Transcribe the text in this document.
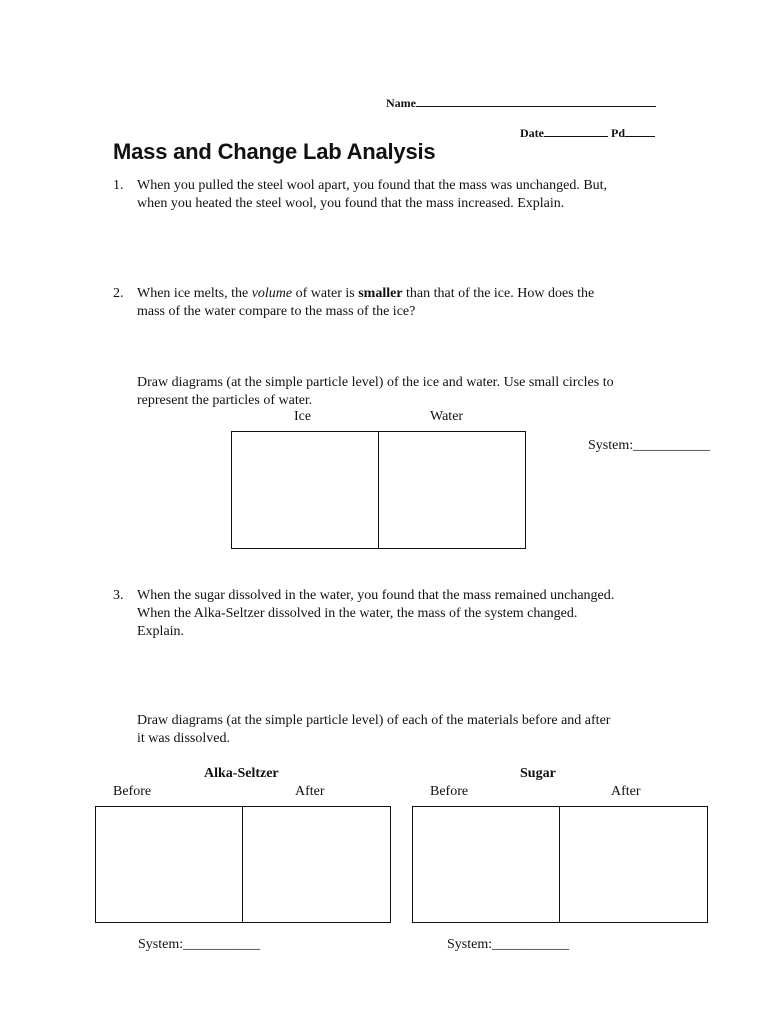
Name
Date	Pd
Mass and Change Lab Analysis
1. When you pulled the steel wool apart, you found that the mass was unchanged. But,
when you heated the steel wool, you found that the mass increased. Explain.
2. When ice melts, the volume of water is smaller than that of the ice. How does the
mass of the water compare to the mass of the ice?
Draw diagrams (at the simple particle level) of the ice and water. Use small circles to
represent the particles of water.
Ice	Water
System:___________
3. When the sugar dissolved in the water, you found that the mass remained unchanged.
When the Alka-Seltzer dissolved in the water, the mass of the system changed.
Explain.
Draw diagrams (at the simple particle level) of each of the materials before and after
it was dissolved.
Alka-Seltzer
Before	After
System:___________
Sugar
Before	After
System:___________
